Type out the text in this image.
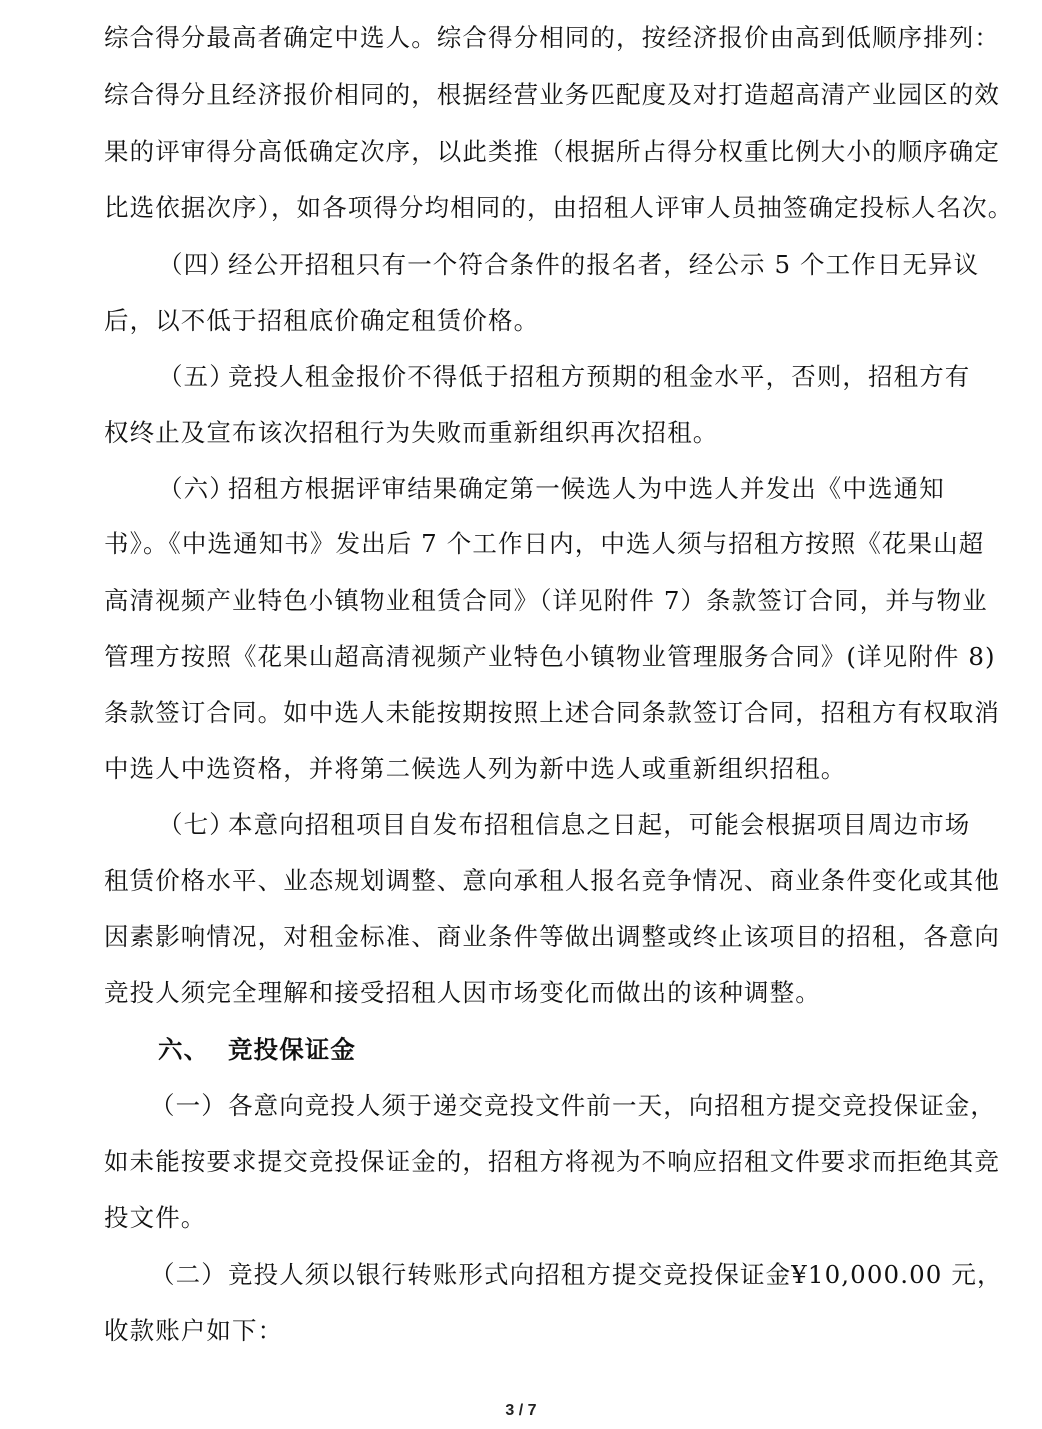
综合得分最高者确定中选人。综合得分相同的，按经济报价由高到低顺序排列：
综合得分且经济报价相同的，根据经营业务匹配度及对打造超高清产业园区的效
果的评审得分高低确定次序，以此类推（根据所占得分权重比例大小的顺序确定
比选依据次序），如各项得分均相同的，由招租人评审人员抽签确定投标人名次。
（四）经公开招租只有一个符合条件的报名者，经公示 5 个工作日无异议
后，以不低于招租底价确定租赁价格。
（五）竞投人租金报价不得低于招租方预期的租金水平，否则，招租方有
权终止及宣布该次招租行为失败而重新组织再次招租。
（六）招租方根据评审结果确定第一候选人为中选人并发出《中选通知
书》。《中选通知书》发出后 7 个工作日内，中选人须与招租方按照《花果山超
高清视频产业特色小镇物业租赁合同》（详见附件 7）条款签订合同，并与物业
管理方按照《花果山超高清视频产业特色小镇物业管理服务合同》(详见附件 8)
条款签订合同。如中选人未能按期按照上述合同条款签订合同，招租方有权取消
中选人中选资格，并将第二候选人列为新中选人或重新组织招租。
（七）本意向招租项目自发布招租信息之日起，可能会根据项目周边市场
租赁价格水平、业态规划调整、意向承租人报名竞争情况、商业条件变化或其他
因素影响情况，对租金标准、商业条件等做出调整或终止该项目的招租，各意向
竞投人须完全理解和接受招租人因市场变化而做出的该种调整。
六、 竞投保证金
（一）各意向竞投人须于递交竞投文件前一天，向招租方提交竞投保证金，
如未能按要求提交竞投保证金的，招租方将视为不响应招租文件要求而拒绝其竞
投文件。
（二）竞投人须以银行转账形式向招租方提交竞投保证金¥10,000.00 元，
收款账户如下：
3 / 7
